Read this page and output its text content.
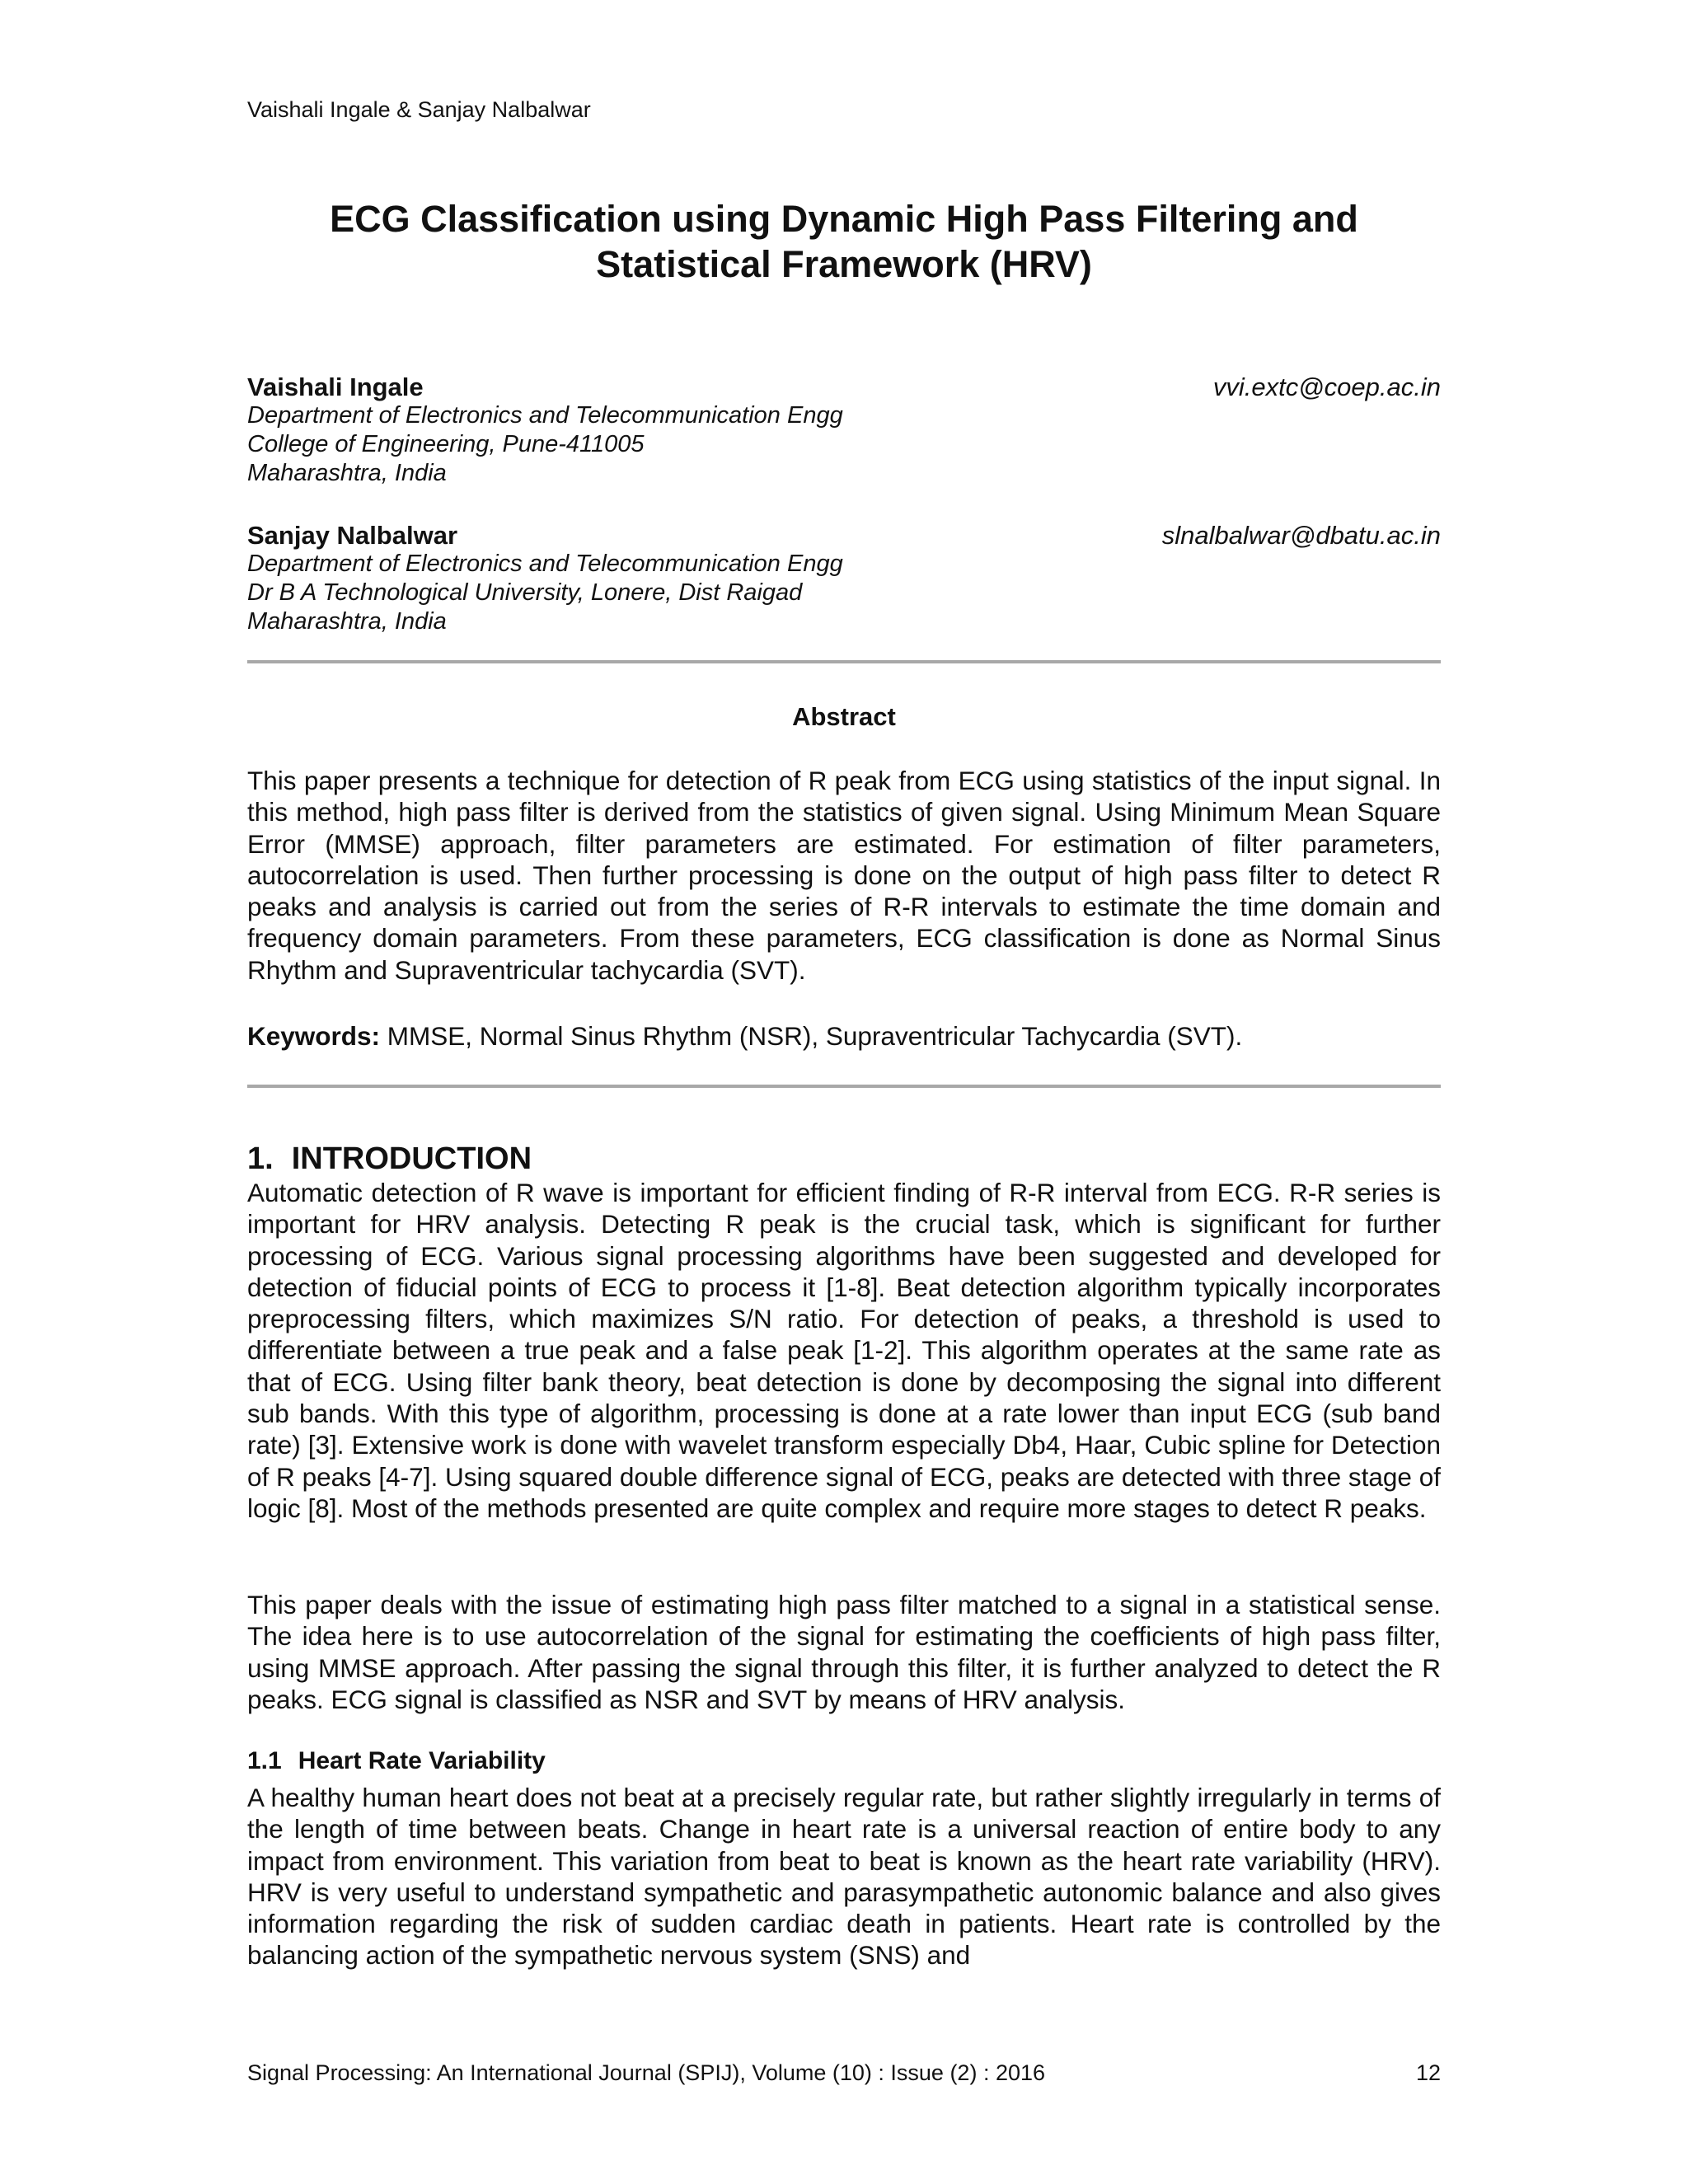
Vaishali Ingale & Sanjay Nalbalwar
ECG Classification using Dynamic High Pass Filtering and
Statistical Framework (HRV)
Vaishali Ingale	vvi.extc@coep.ac.in
Department of Electronics and Telecommunication Engg
College of Engineering, Pune-411005
Maharashtra, India
Sanjay Nalbalwar	slnalbalwar@dbatu.ac.in
Department of Electronics and Telecommunication Engg
Dr B A Technological University, Lonere, Dist Raigad
Maharashtra, India
Abstract

This paper presents a technique for detection of R peak from ECG using statistics of the input signal. In this method, high pass filter is derived from the statistics of given signal. Using Minimum Mean Square Error (MMSE) approach, filter parameters are estimated. For estimation of filter parameters, autocorrelation is used. Then further processing is done on the output of high pass filter to detect R peaks and analysis is carried out from the series of R-R intervals to estimate the time domain and frequency domain parameters. From these parameters, ECG classification is done as Normal Sinus Rhythm and Supraventricular tachycardia (SVT).

Keywords: MMSE, Normal Sinus Rhythm (NSR), Supraventricular Tachycardia (SVT).

1. INTRODUCTION

Automatic detection of R wave is important for efficient finding of R-R interval from ECG. R-R series is important for HRV analysis. Detecting R peak is the crucial task, which is significant for further processing of ECG. Various signal processing algorithms have been suggested and developed for detection of fiducial points of ECG to process it [1-8]. Beat detection algorithm typically incorporates preprocessing filters, which maximizes S/N ratio. For detection of peaks, a threshold is used to differentiate between a true peak and a false peak [1-2]. This algorithm operates at the same rate as that of ECG. Using filter bank theory, beat detection is done by decomposing the signal into different sub bands. With this type of algorithm, processing is done at a rate lower than input ECG (sub band rate) [3]. Extensive work is done with wavelet transform especially Db4, Haar, Cubic spline for Detection of R peaks [4-7]. Using squared double difference signal of ECG, peaks are detected with three stage of logic [8]. Most of the methods presented are quite complex and require more stages to detect R peaks.

This paper deals with the issue of estimating high pass filter matched to a signal in a statistical sense. The idea here is to use autocorrelation of the signal for estimating the coefficients of high pass filter, using MMSE approach. After passing the signal through this filter, it is further analyzed to detect the R peaks. ECG signal is classified as NSR and SVT by means of HRV analysis.

1.1 Heart Rate Variability

A healthy human heart does not beat at a precisely regular rate, but rather slightly irregularly in terms of the length of time between beats. Change in heart rate is a universal reaction of entire body to any impact from environment. This variation from beat to beat is known as the heart rate variability (HRV). HRV is very useful to understand sympathetic and parasympathetic autonomic balance and also gives information regarding the risk of sudden cardiac death in patients. Heart rate is controlled by the balancing action of the sympathetic nervous system (SNS) and

Signal Processing: An International Journal (SPIJ), Volume (10) : Issue (2) : 2016	12
